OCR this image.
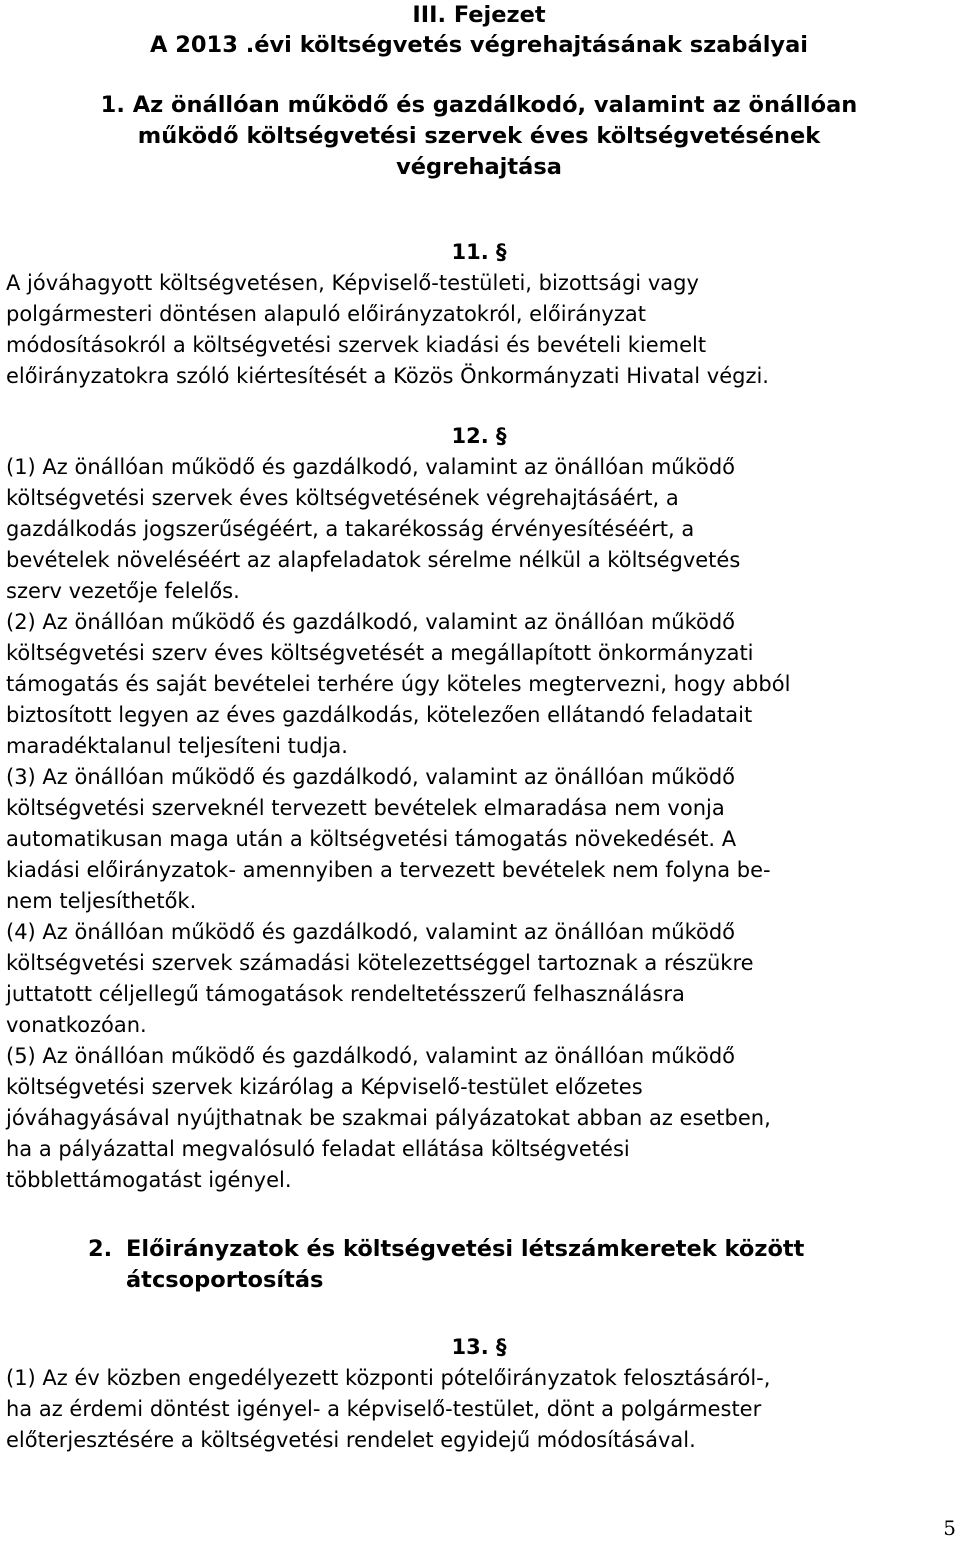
III. Fejezet
A 2013 .évi költségvetés végrehajtásának szabályai
1. Az önállóan működő és gazdálkodó, valamint az önállóan
működő költségvetési szervek éves költségvetésének
végrehajtása
11. §
A jóváhagyott költségvetésen, Képviselő-testületi, bizottsági vagy
polgármesteri döntésen alapuló előirányzatokról, előirányzat
módosításokról a költségvetési szervek kiadási és bevételi kiemelt
előirányzatokra szóló kiértesítését a Közös Önkormányzati Hivatal végzi.
12. §
(1) Az önállóan működő és gazdálkodó, valamint az önállóan működő
költségvetési szervek éves költségvetésének végrehajtásáért, a
gazdálkodás jogszerűségéért, a takarékosság érvényesítéséért, a
bevételek növeléséért az alapfeladatok sérelme nélkül a költségvetés
szerv vezetője felelős.
(2) Az önállóan működő és gazdálkodó, valamint az önállóan működő
költségvetési szerv éves költségvetését a megállapított önkormányzati
támogatás és saját bevételei terhére úgy köteles megtervezni, hogy abból
biztosított legyen az éves gazdálkodás, kötelezően ellátandó feladatait
maradéktalanul teljesíteni tudja.
(3) Az önállóan működő és gazdálkodó, valamint az önállóan működő
költségvetési szerveknél tervezett bevételek elmaradása nem vonja
automatikusan maga után a költségvetési támogatás növekedését. A
kiadási előirányzatok- amennyiben a tervezett bevételek nem folyna be-
nem teljesíthetők.
(4) Az önállóan működő és gazdálkodó, valamint az önállóan működő
költségvetési szervek számadási kötelezettséggel tartoznak a részükre
juttatott céljellegű támogatások rendeltetésszerű felhasználásra
vonatkozóan.
(5) Az önállóan működő és gazdálkodó, valamint az önállóan működő
költségvetési szervek kizárólag a Képviselő-testület előzetes
jóváhagyásával nyújthatnak be szakmai pályázatokat abban az esetben,
ha a pályázattal megvalósuló feladat ellátása költségvetési
többlettámogatást igényel.
2. Előirányzatok és költségvetési létszámkeretek között
átcsoportosítás
13. §
(1) Az év közben engedélyezett központi pótelőirányzatok felosztásáról-,
ha az érdemi döntést igényel- a képviselő-testület, dönt a polgármester
előterjesztésére a költségvetési rendelet egyidejű módosításával.
5
